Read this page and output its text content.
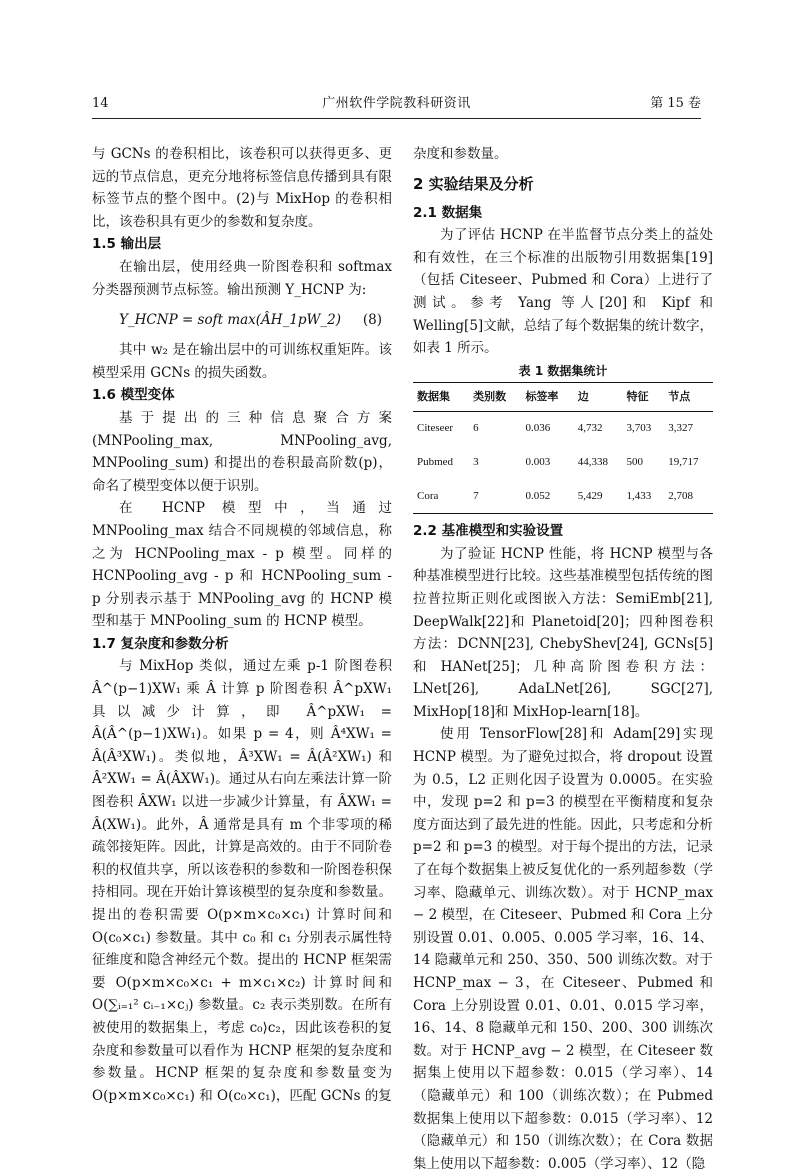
14	广州软件学院教科研资讯	第 15 卷

与 GCNs 的卷积相比，该卷积可以获得更多、更远的节点信息，更充分地将标签信息传播到具有限标签节点的整个图中。(2)与 MixHop 的卷积相比，该卷积具有更少的参数和复杂度。

1.5 输出层

在输出层，使用经典一阶图卷积和 softmax 分类器预测节点标签。输出预测 Y_HCNP 为:

Y_HCNP = soft max(ÂH_1pW_2) (8)

其中 w₂ 是在输出层中的可训练权重矩阵。该模型采用 GCNs 的损失函数。

1.6 模型变体

基于提出的三种信息聚合方案(MNPooling_max, MNPooling_avg, MNPooling_sum) 和提出的卷积最高阶数(p)，命名了模型变体以便于识别。

在 HCNP 模型中，当通过 MNPooling_max 结合不同规模的邻域信息，称之为 HCNPooling_max - p 模型。同样的 HCNPooling_avg - p 和 HCNPooling_sum - p 分别表示基于 MNPooling_avg 的 HCNP 模型和基于 MNPooling_sum 的 HCNP 模型。

1.7 复杂度和参数分析

与 MixHop 类似，通过左乘 p-1 阶图卷积 Â^(p−1)XW₁ 乘 Â 计算 p 阶图卷积 Â^pXW₁ 具以减少计算，即 Â^pXW₁ = Â(Â^(p−1)XW₁)。如果 p = 4，则 Â⁴XW₁ = Â(Â³XW₁)。类似地，Â³XW₁ = Â(Â²XW₁) 和 Â²XW₁ = Â(ÂXW₁)。通过从右向左乘法计算一阶图卷积 ÂXW₁ 以进一步减少计算量，有 ÂXW₁ = Â(XW₁)。此外，Â 通常是具有 m 个非零项的稀疏邻接矩阵。因此，计算是高效的。由于不同阶卷积的权值共享，所以该卷积的参数和一阶图卷积保持相同。现在开始计算该模型的复杂度和参数量。提出的卷积需要 O(p×m×c₀×c₁) 计算时间和 O(c₀×c₁) 参数量。其中 c₀ 和 c₁ 分别表示属性特征维度和隐含神经元个数。提出的 HCNP 框架需要 O(p×m×c₀×c₁ + m×c₁×c₂) 计算时间和 O(∑ᵢ₌₁² cᵢ₋₁×cⱼ) 参数量。c₂ 表示类别数。在所有被使用的数据集上，考虑 c₀⟩c₂，因此该卷积的复杂度和参数量可以看作为 HCNP 框架的复杂度和参数量。HCNP 框架的复杂度和参数量变为 O(p×m×c₀×c₁) 和 O(c₀×c₁)，匹配 GCNs 的复

杂度和参数量。

2 实验结果及分析
2.1 数据集

为了评估 HCNP 在半监督节点分类上的益处和有效性，在三个标准的出版物引用数据集[19]（包括 Citeseer、Pubmed 和 Cora）上进行了测试。参考 Yang 等人[20]和 Kipf 和 Welling[5]文献，总结了每个数据集的统计数字，如表 1 所示。

表 1 数据集统计
数据集	类别数	标签率	边	特征	节点
Citeseer	6	0.036	4,732	3,703	3,327
Pubmed	3	0.003	44,338	500	19,717
Cora	7	0.052	5,429	1,433	2,708
2.2 基准模型和实验设置

为了验证 HCNP 性能，将 HCNP 模型与各种基准模型进行比较。这些基准模型包括传统的图拉普拉斯正则化或图嵌入方法：SemiEmb[21], DeepWalk[22]和 Planetoid[20]；四种图卷积方法：DCNN[23], ChebyShev[24], GCNs[5]和 HANet[25]；几种高阶图卷积方法：LNet[26], AdaLNet[26], SGC[27], MixHop[18]和 MixHop-learn[18]。

使用 TensorFlow[28]和 Adam[29]实现 HCNP 模型。为了避免过拟合，将 dropout 设置为 0.5，L2 正则化因子设置为 0.0005。在实验中，发现 p=2 和 p=3 的模型在平衡精度和复杂度方面达到了最先进的性能。因此，只考虑和分析 p=2 和 p=3 的模型。对于每个提出的方法，记录了在每个数据集上被反复优化的一系列超参数（学习率、隐藏单元、训练次数）。对于 HCNP_max − 2 模型，在 Citeseer、Pubmed 和 Cora 上分别设置 0.01、0.005、0.005 学习率，16、14、14 隐藏单元和 250、350、500 训练次数。对于 HCNP_max − 3，在 Citeseer、Pubmed 和 Cora 上分别设置 0.01、0.01、0.015 学习率，16、14、8 隐藏单元和 150、200、300 训练次数。对于 HCNP_avg − 2 模型，在 Citeseer 数据集上使用以下超参数：0.015（学习率）、14（隐藏单元）和 100（训练次数）；在 Pubmed 数据集上使用以下超参数：0.015（学习率）、12（隐藏单元）和 150（训练次数）；在 Cora 数据集上使用以下超参数：0.005（学习率）、12（隐
